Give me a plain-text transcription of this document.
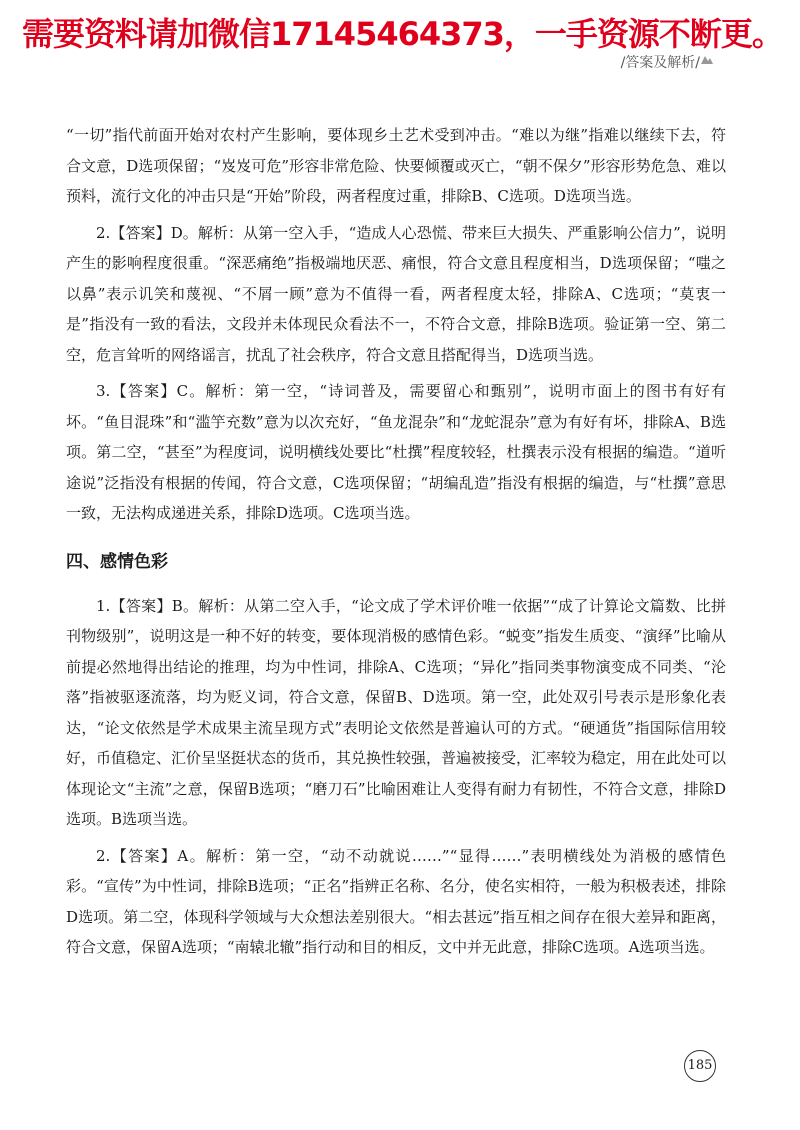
需要资料请加微信17145464373，一手资源不断更。
/答案及解析/

“一切”指代前面开始对农村产生影响，要体现乡土艺术受到冲击。“难以为继”指难以继续下去，符合文意，D选项保留；“岌岌可危”形容非常危险、快要倾覆或灭亡，“朝不保夕”形容形势危急、难以预料，流行文化的冲击只是“开始”阶段，两者程度过重，排除B、C选项。D选项当选。

2.【答案】D。解析：从第一空入手，“造成人心恐慌、带来巨大损失、严重影响公信力”，说明产生的影响程度很重。“深恶痛绝”指极端地厌恶、痛恨，符合文意且程度相当，D选项保留；“嗤之以鼻”表示讥笑和蔑视、“不屑一顾”意为不值得一看，两者程度太轻，排除A、C选项；“莫衷一是”指没有一致的看法，文段并未体现民众看法不一，不符合文意，排除B选项。验证第一空、第二空，危言耸听的网络谣言，扰乱了社会秩序，符合文意且搭配得当，D选项当选。

3.【答案】C。解析：第一空，“诗词普及，需要留心和甄别”，说明市面上的图书有好有坏。“鱼目混珠”和“滥竽充数”意为以次充好，“鱼龙混杂”和“龙蛇混杂”意为有好有坏，排除A、B选项。第二空，“甚至”为程度词，说明横线处要比“杜撰”程度较轻，杜撰表示没有根据的编造。“道听途说”泛指没有根据的传闻，符合文意，C选项保留；“胡编乱造”指没有根据的编造，与“杜撰”意思一致，无法构成递进关系，排除D选项。C选项当选。

四、感情色彩

1.【答案】B。解析：从第二空入手，“论文成了学术评价唯一依据”“成了计算论文篇数、比拼刊物级别”，说明这是一种不好的转变，要体现消极的感情色彩。“蜕变”指发生质变、“演绎”比喻从前提必然地得出结论的推理，均为中性词，排除A、C选项；“异化”指同类事物演变成不同类、“沦落”指被驱逐流落，均为贬义词，符合文意，保留B、D选项。第一空，此处双引号表示是形象化表达，“论文依然是学术成果主流呈现方式”表明论文依然是普遍认可的方式。“硬通货”指国际信用较好，币值稳定、汇价呈坚挺状态的货币，其兑换性较强，普遍被接受，汇率较为稳定，用在此处可以体现论文“主流”之意，保留B选项；“磨刀石”比喻困难让人变得有耐力有韧性，不符合文意，排除D选项。B选项当选。

2.【答案】A。解析：第一空，“动不动就说……”“显得……”表明横线处为消极的感情色彩。“宣传”为中性词，排除B选项；“正名”指辨正名称、名分，使名实相符，一般为积极表述，排除D选项。第二空，体现科学领域与大众想法差别很大。“相去甚远”指互相之间存在很大差异和距离，符合文意，保留A选项；“南辕北辙”指行动和目的相反，文中并无此意，排除C选项。A选项当选。

185
